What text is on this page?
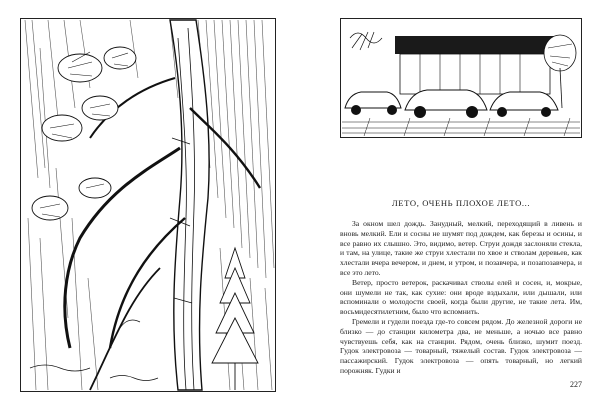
ЛЕТО, ОЧЕНЬ ПЛОХОЕ ЛЕТО...

За окном шел дождь. Занудный, мелкий, переходящий в ливень и вновь мелкий. Ели и сосны не шумят под дождем, как березы и осины, и все равно их слышно. Это, видимо, ветер. Струи дождя заслоняли стекла, и там, на улице, такие же струи хлестали по хвое и стволам деревьев, как хлестали вчера вечером, и днем, и утром, и позавчера, и позапозавчера, и все это лето.

Ветер, просто ветерок, раскачивал стволы елей и сосен, и, мокрые, они шумели не так, как сухие: они вроде вздыхали, или дышали, или вспоминали о молодости своей, когда были другие, не такие лета. Им, восьмидесятилетним, было что вспомнить.

Гремели и гудели поезда где-то совсем рядом. До железной дороги не близко — до станции километра два, не меньше, а ночью все равно чувствуешь себя, как на станции. Рядом, очень близко, шумит поезд. Гудок электровоза — товарный, тяжелый состав. Гудок электровоза — пассажирский. Гудок электровоза — опять товарный, но легкий порожняк. Гудки и

227
